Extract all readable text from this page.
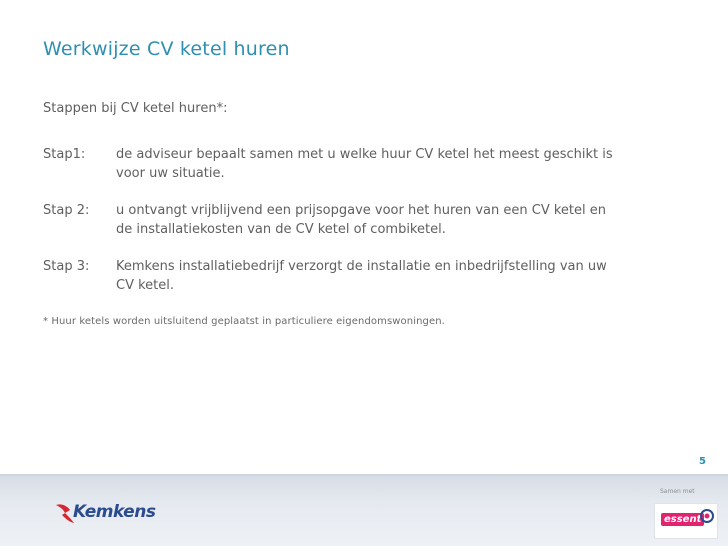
Werkwijze CV ketel huren
Stappen bij CV ketel huren*:
Stap1:	de adviseur bepaalt samen met u welke huur CV ketel het meest geschikt is
voor uw situatie.
Stap 2:	u ontvangt vrijblijvend een prijsopgave voor het huren van een CV ketel en
de installatiekosten van de CV ketel of combiketel.
Stap 3:	Kemkens installatiebedrijf verzorgt de installatie en inbedrijfstelling van uw
CV ketel.
* Huur ketels worden uitsluitend geplaatst in particuliere eigendomswoningen.
5
Kemkens
Samen met
essent
